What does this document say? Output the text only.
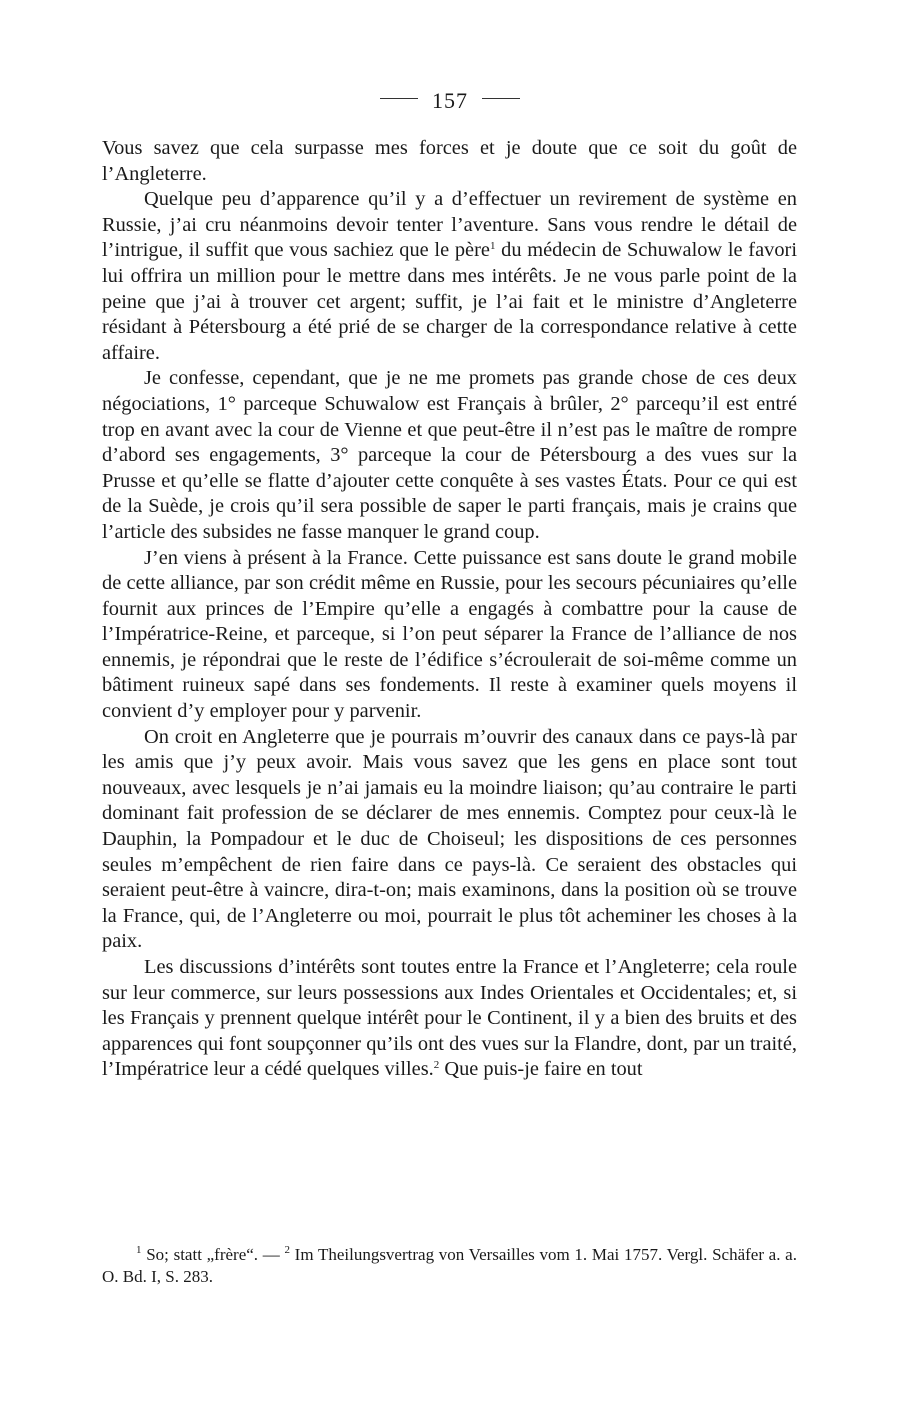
157

Vous savez que cela surpasse mes forces et je doute que ce soit du goût de l’Angleterre.

Quelque peu d’apparence qu’il y a d’effectuer un revirement de système en Russie, j’ai cru néanmoins devoir tenter l’aventure. Sans vous rendre le détail de l’intrigue, il suffit que vous sachiez que le père$^1$ du médecin de Schuwalow le favori lui offrira un million pour le mettre dans mes intérêts. Je ne vous parle point de la peine que j’ai à trouver cet argent; suffit, je l’ai fait et le ministre d’Angleterre résidant à Pétersbourg a été prié de se charger de la correspondance relative à cette affaire.

Je confesse, cependant, que je ne me promets pas grande chose de ces deux négociations, 1° parceque Schuwalow est Français à brûler, 2° parcequ’il est entré trop en avant avec la cour de Vienne et que peut-être il n’est pas le maître de rompre d’abord ses engagements, 3° parceque la cour de Pétersbourg a des vues sur la Prusse et qu’elle se flatte d’ajouter cette conquête à ses vastes États. Pour ce qui est de la Suède, je crois qu’il sera possible de saper le parti français, mais je crains que l’article des subsides ne fasse manquer le grand coup.

J’en viens à présent à la France. Cette puissance est sans doute le grand mobile de cette alliance, par son crédit même en Russie, pour les secours pécuniaires qu’elle fournit aux princes de l’Empire qu’elle a engagés à combattre pour la cause de l’Impératrice-Reine, et parceque, si l’on peut séparer la France de l’alliance de nos ennemis, je répondrai que le reste de l’édifice s’écroulerait de soi-même comme un bâtiment ruineux sapé dans ses fondements. Il reste à examiner quels moyens il convient d’y employer pour y parvenir.

On croit en Angleterre que je pourrais m’ouvrir des canaux dans ce pays-là par les amis que j’y peux avoir. Mais vous savez que les gens en place sont tout nouveaux, avec lesquels je n’ai jamais eu la moindre liaison; qu’au contraire le parti dominant fait profession de se déclarer de mes ennemis. Comptez pour ceux-là le Dauphin, la Pompadour et le duc de Choiseul; les dispositions de ces personnes seules m’empêchent de rien faire dans ce pays-là. Ce seraient des obstacles qui seraient peut-être à vaincre, dira-t-on; mais examinons, dans la position où se trouve la France, qui, de l’Angleterre ou moi, pourrait le plus tôt acheminer les choses à la paix.

Les discussions d’intérêts sont toutes entre la France et l’Angleterre; cela roule sur leur commerce, sur leurs possessions aux Indes Orientales et Occidentales; et, si les Français y prennent quelque intérêt pour le Continent, il y a bien des bruits et des apparences qui font soupçonner qu’ils ont des vues sur la Flandre, dont, par un traité, l’Impératrice leur a cédé quelques villes.$^2$ Que puis-je faire en tout

$^1$ So; statt „frère“. — $^2$ Im Theilungsvertrag von Versailles vom 1. Mai 1757. Vergl. Schäfer a. a. O. Bd. I, S. 283.
